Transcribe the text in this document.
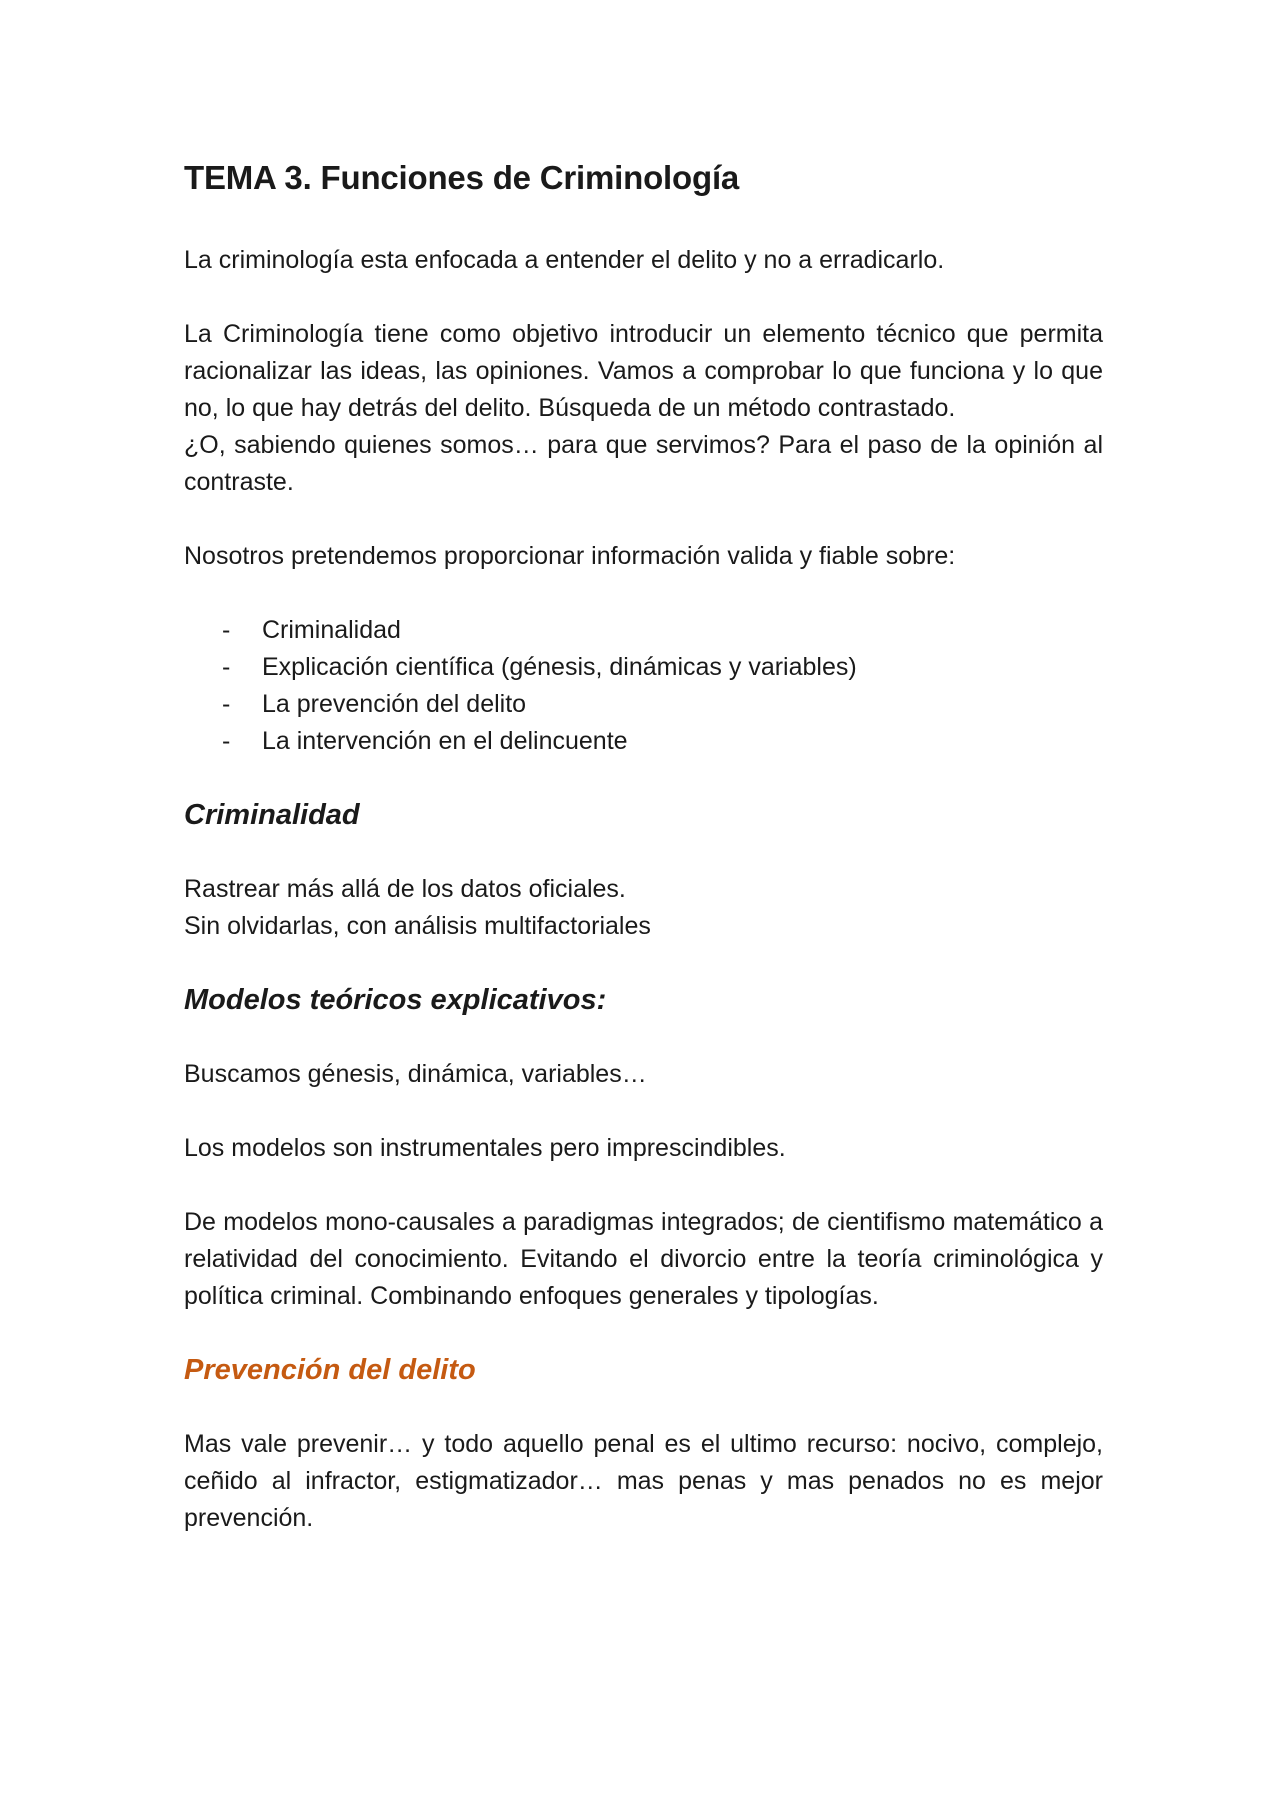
TEMA 3. Funciones de Criminología

La criminología esta enfocada a entender el delito y no a erradicarlo.

La Criminología tiene como objetivo introducir un elemento técnico que permita racionalizar las ideas, las opiniones. Vamos a comprobar lo que funciona y lo que no, lo que hay detrás del delito. Búsqueda de un método contrastado.

¿O, sabiendo quienes somos… para que servimos? Para el paso de la opinión al contraste.

Nosotros pretendemos proporcionar información valida y fiable sobre:

- Criminalidad
- Explicación científica (génesis, dinámicas y variables)
- La prevención del delito
- La intervención en el delincuente
Criminalidad

Rastrear más allá de los datos oficiales.

Sin olvidarlas, con análisis multifactoriales

Modelos teóricos explicativos:

Buscamos génesis, dinámica, variables…

Los modelos son instrumentales pero imprescindibles.

De modelos mono-causales a paradigmas integrados; de cientifismo matemático a relatividad del conocimiento. Evitando el divorcio entre la teoría criminológica y política criminal. Combinando enfoques generales y tipologías.

Prevención del delito

Mas vale prevenir… y todo aquello penal es el ultimo recurso: nocivo, complejo, ceñido al infractor, estigmatizador… mas penas y mas penados no es mejor prevención.
